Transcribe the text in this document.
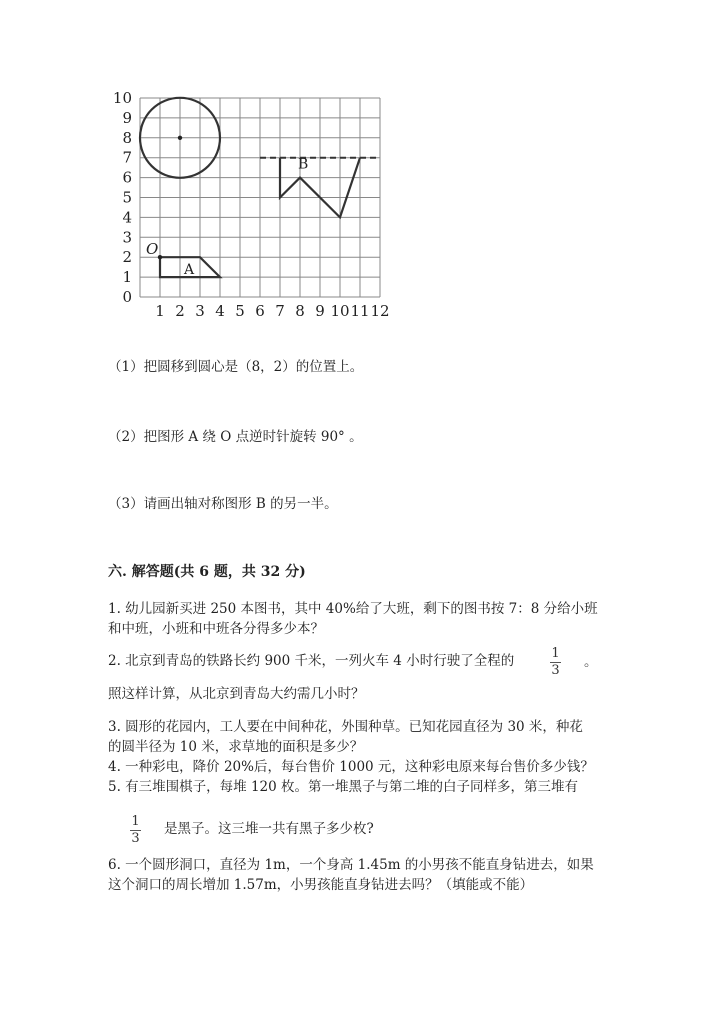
1 2 3 4 5 6 7 8 9 10 11 12
0
1
2
3
4
5
6
7
8
9
10
O
A
B
（1）把圆移到圆心是（8，2）的位置上。
（2）把图形 A 绕 O 点逆时针旋转 90° 。
（3）请画出轴对称图形 B 的另一半。
六. 解答题(共 6 题，共 32 分)
1. 幼儿园新买进 250 本图书，其中 40%给了大班，剩下的图书按 7：8 分给小班
和中班，小班和中班各分得多少本？
2. 北京到青岛的铁路长约 900 千米，一列火车 4 小时行驶了全程的	1
3
。
照这样计算，从北京到青岛大约需几小时？
3. 圆形的花园内，工人要在中间种花，外围种草。已知花园直径为 30 米，种花
的圆半径为 10 米，求草地的面积是多少？
4. 一种彩电，降价 20%后，每台售价 1000 元，这种彩电原来每台售价多少钱？
5. 有三堆围棋子，每堆 120 枚。第一堆黑子与第二堆的白子同样多，第三堆有
1
3
是黑子。这三堆一共有黑子多少枚?
6. 一个圆形洞口，直径为 1m，一个身高 1.45m 的小男孩不能直身钻进去，如果
这个洞口的周长增加 1.57m，小男孩能直身钻进去吗？（填能或不能）
